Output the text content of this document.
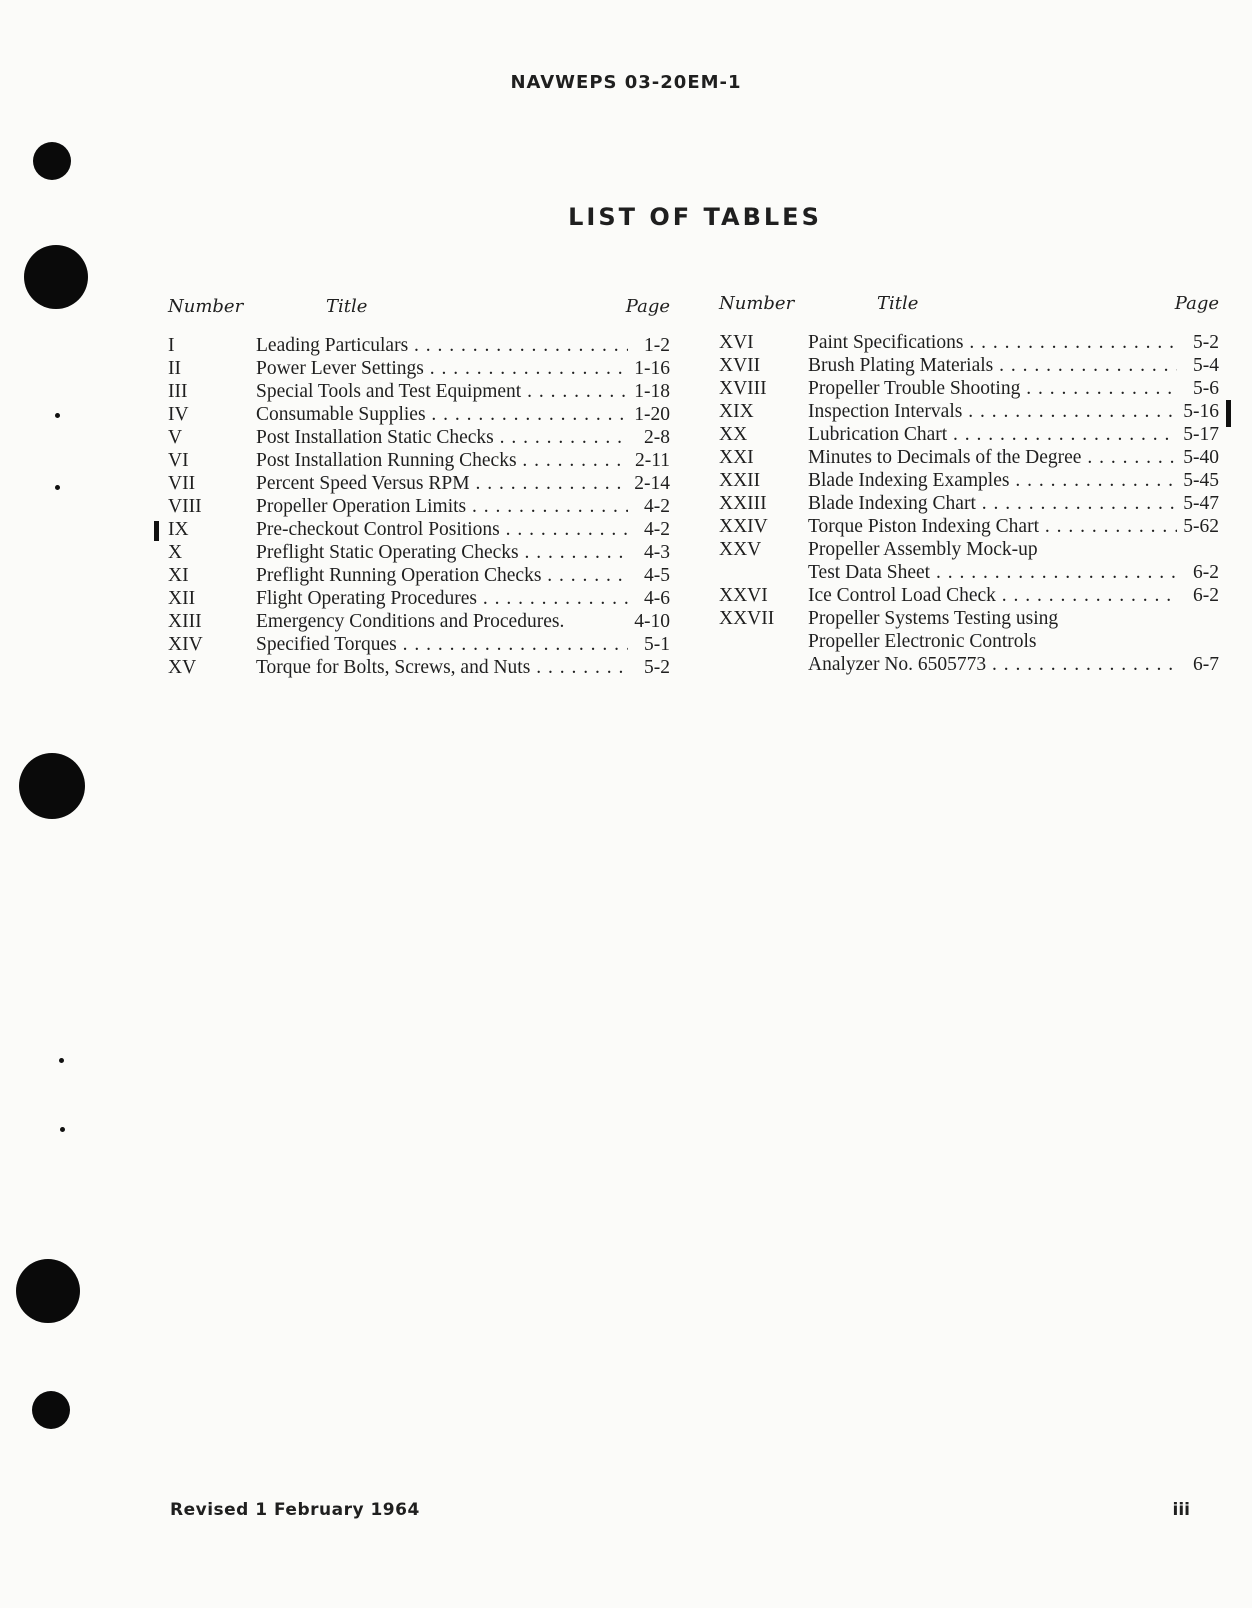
NAVWEPS 03-20EM-1
LIST OF TABLES
Number	Title	Page
I	Leading Particulars . . .	1-2
II	Power Lever Settings . . .	1-16
III	Special Tools and Test Equipment . . .	1-18
IV	Consumable Supplies . . .	1-20
V	Post Installation Static Checks . . .	2-8
VI	Post Installation Running Checks . . .	2-11
VII	Percent Speed Versus RPM . . .	2-14
VIII	Propeller Operation Limits . . .	4-2
IX	Pre-checkout Control Positions . . .	4-2
X	Preflight Static Operating Checks . . .	4-3
XI	Preflight Running Operation Checks . . .	4-5
XII	Flight Operating Procedures . . .	4-6
XIII	Emergency Conditions and Procedures.	4-10
XIV	Specified Torques . . .	5-1
XV	Torque for Bolts, Screws, and Nuts . . .	5-2
Number	Title	Page
XVI	Paint Specifications . . .	5-2
XVII	Brush Plating Materials . . .	5-4
XVIII	Propeller Trouble Shooting . . .	5-6
XIX	Inspection Intervals . . .	5-16
XX	Lubrication Chart . . .	5-17
XXI	Minutes to Decimals of the Degree . . .	5-40
XXII	Blade Indexing Examples . . .	5-45
XXIII	Blade Indexing Chart . . .	5-47
XXIV	Torque Piston Indexing Chart . . .	5-62
XXV	Propeller Assembly Mock-up
Test Data Sheet . . .	6-2
XXVI	Ice Control Load Check . . .	6-2
XXVII	Propeller Systems Testing using
Propeller Electronic Controls
Analyzer No. 6505773 . . .	6-7
Revised 1 February 1964	iii
